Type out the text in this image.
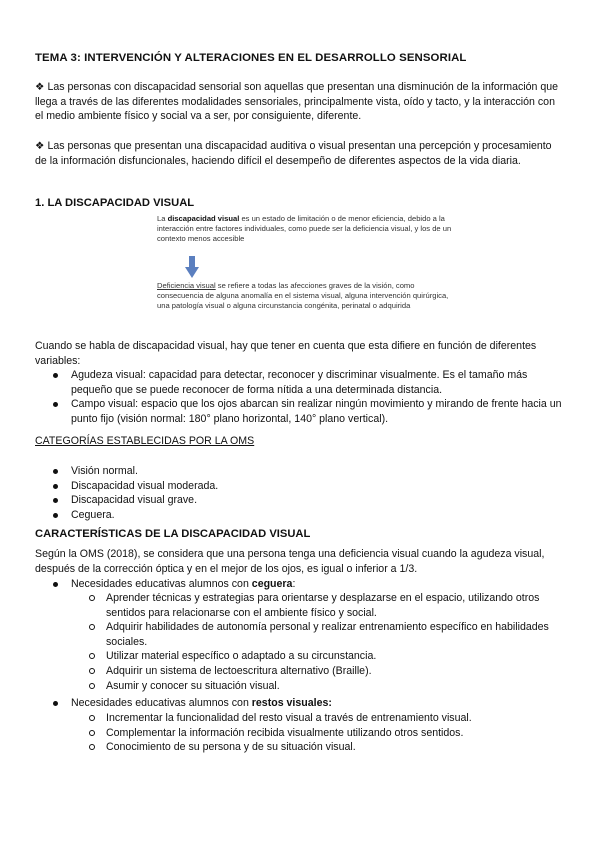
TEMA 3: INTERVENCIÓN Y ALTERACIONES EN EL DESARROLLO SENSORIAL
❖ Las personas con discapacidad sensorial son aquellas que presentan una disminución de la información que llega a través de las diferentes modalidades sensoriales, principalmente vista, oído y tacto, y la interacción con el medio ambiente físico y social va a ser, por consiguiente, diferente.
❖ Las personas que presentan una discapacidad auditiva o visual presentan una percepción y procesamiento de la información disfuncionales, haciendo difícil el desempeño de diferentes aspectos de la vida diaria.
1. LA DISCAPACIDAD VISUAL
La discapacidad visual es un estado de limitación o de menor eficiencia, debido a la interacción entre factores individuales, como puede ser la deficiencia visual, y los de un contexto menos accesible
Deficiencia visual se refiere a todas las afecciones graves de la visión, como consecuencia de alguna anomalía en el sistema visual, alguna intervención quirúrgica, una patología visual o alguna circunstancia congénita, perinatal o adquirida
Cuando se habla de discapacidad visual, hay que tener en cuenta que esta difiere en función de diferentes variables:
Agudeza visual: capacidad para detectar, reconocer y discriminar visualmente. Es el tamaño más pequeño que se puede reconocer de forma nítida a una determinada distancia.
Campo visual: espacio que los ojos abarcan sin realizar ningún movimiento y mirando de frente hacia un punto fijo (visión normal: 180° plano horizontal, 140° plano vertical).
CATEGORÍAS ESTABLECIDAS POR LA OMS
Visión normal.
Discapacidad visual moderada.
Discapacidad visual grave.
Ceguera.
CARACTERÍSTICAS DE LA DISCAPACIDAD VISUAL
Según la OMS (2018), se considera que una persona tenga una deficiencia visual cuando la agudeza visual, después de la corrección óptica y en el mejor de los ojos, es igual o inferior a 1/3.
Necesidades educativas alumnos con ceguera:
Aprender técnicas y estrategias para orientarse y desplazarse en el espacio, utilizando otros sentidos para relacionarse con el ambiente físico y social.
Adquirir habilidades de autonomía personal y realizar entrenamiento específico en habilidades sociales.
Utilizar material específico o adaptado a su circunstancia.
Adquirir un sistema de lectoescritura alternativo (Braille).
Asumir y conocer su situación visual.
Necesidades educativas alumnos con restos visuales:
Incrementar la funcionalidad del resto visual a través de entrenamiento visual.
Complementar la información recibida visualmente utilizando otros sentidos.
Conocimiento de su persona y de su situación visual.
